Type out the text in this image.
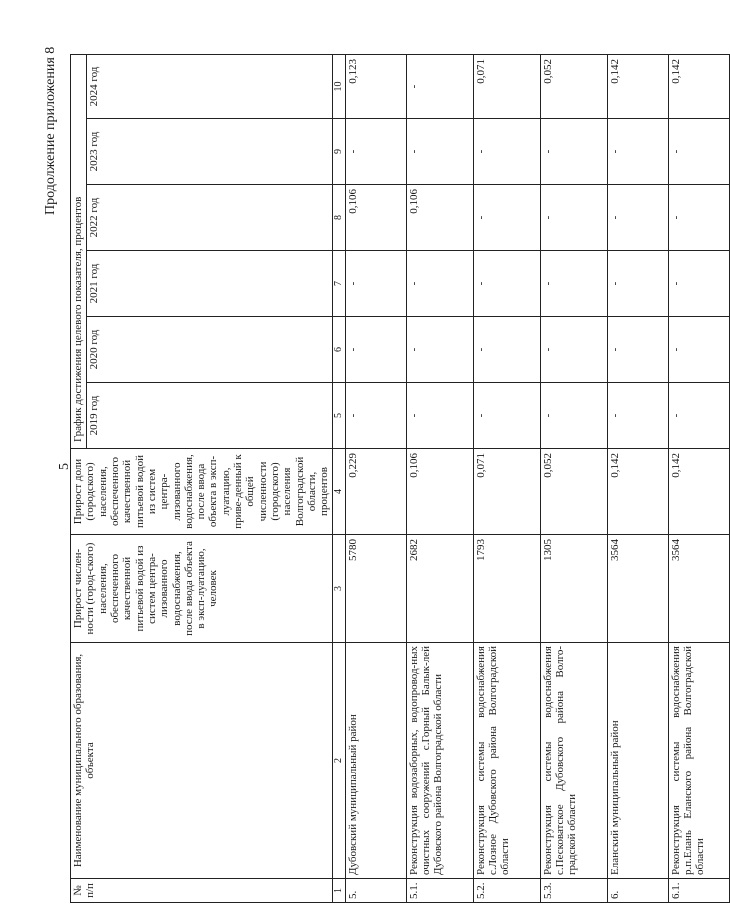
5
Продолжение приложения 8
№ п/п	Наименование муниципального образования, объекта	Прирост числен-ности (город-ского) населения, обеспеченного качественной питьевой водой из систем центра-лизованного водоснабжения, после ввода объекта в эксп-луатацию, человек	Прирост доли (городского) населения, обеспеченного качественной питьевой водой из систем центра-лизованного водоснабжения, после ввода объекта в эксп-луатацию, приве-денный к общей численности (городского) населения Волгоградской области, процентов	График достижения целевого показателя, процентов					
				2019 год	2020 год	2021 год	2022 год	2023 год	2024 год
1	2	3	4	5	6	7	8	9	10
5.	Дубовский муниципальный район	5780	0,229	-	-	-	0,106	-	0,123
5.1.	Реконструкция водозаборных, водопровод-ных очистных сооружений с.Горный Балык-лей Дубовского района Волгоградской области	2682	0,106	-	-	-	0,106	-	-
5.2.	Реконструкция системы водоснабжения с.Лозное Дубовского района Волгоградской области	1793	0,071	-	-	-	-	-	0,071
5.3.	Реконструкция системы водоснабжения с.Песковатское Дубовского района Волго-градской области	1305	0,052	-	-	-	-	-	0,052
6.	Еланский муниципальный район	3564	0,142	-	-	-	-	-	0,142
6.1.	Реконструкция системы водоснабжения р.п.Елань Еланского района Волгоградской области	3564	0,142	-	-	-	-	-	0,142
